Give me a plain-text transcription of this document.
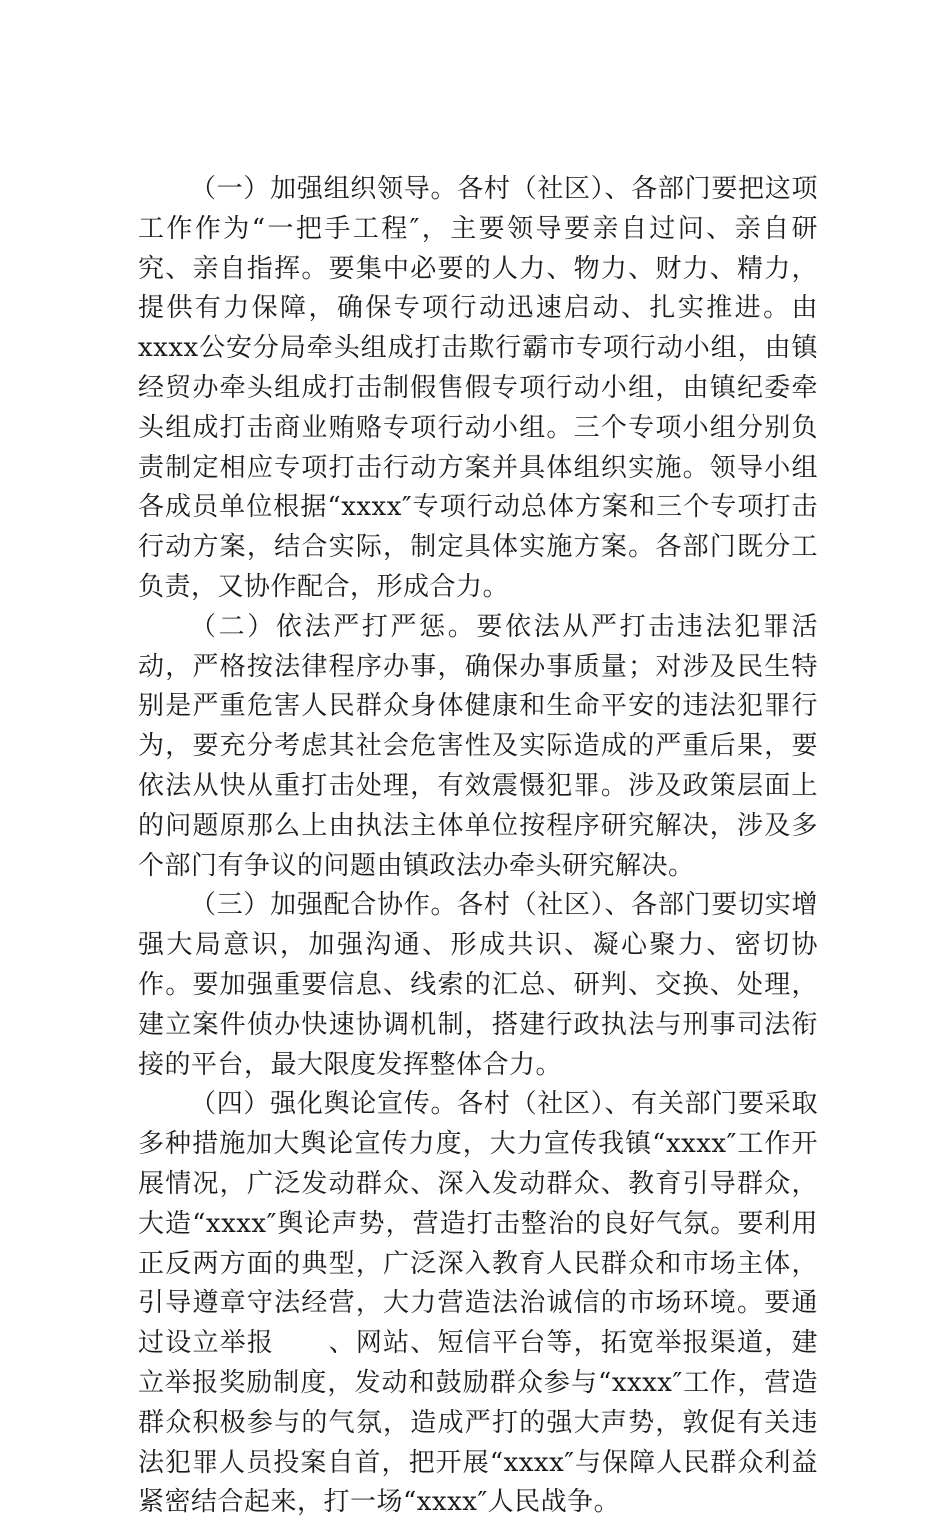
（一）加强组织领导。各村（社区）、各部门要把这项工作作为“一把手工程″，主要领导要亲自过问、亲自研究、亲自指挥。要集中必要的人力、物力、财力、精力，提供有力保障，确保专项行动迅速启动、扎实推进。由xxxx公安分局牵头组成打击欺行霸市专项行动小组，由镇经贸办牵头组成打击制假售假专项行动小组，由镇纪委牵头组成打击商业贿赂专项行动小组。三个专项小组分别负责制定相应专项打击行动方案并具体组织实施。领导小组各成员单位根据“xxxx″专项行动总体方案和三个专项打击行动方案，结合实际，制定具体实施方案。各部门既分工负责，又协作配合，形成合力。

（二）依法严打严惩。要依法从严打击违法犯罪活动，严格按法律程序办事，确保办事质量；对涉及民生特别是严重危害人民群众身体健康和生命平安的违法犯罪行为，要充分考虑其社会危害性及实际造成的严重后果，要依法从快从重打击处理，有效震慑犯罪。涉及政策层面上的问题原那么上由执法主体单位按程序研究解决，涉及多个部门有争议的问题由镇政法办牵头研究解决。

（三）加强配合协作。各村（社区）、各部门要切实增强大局意识，加强沟通、形成共识、凝心聚力、密切协作。要加强重要信息、线索的汇总、研判、交换、处理，建立案件侦办快速协调机制，搭建行政执法与刑事司法衔接的平台，最大限度发挥整体合力。

（四）强化舆论宣传。各村（社区）、有关部门要采取多种措施加大舆论宣传力度，大力宣传我镇“xxxx″工作开展情况，广泛发动群众、深入发动群众、教育引导群众，大造“xxxx″舆论声势，营造打击整治的良好气氛。要利用正反两方面的典型，广泛深入教育人民群众和市场主体，引导遵章守法经营，大力营造法治诚信的市场环境。要通过设立举报　　、网站、短信平台等，拓宽举报渠道，建立举报奖励制度，发动和鼓励群众参与“xxxx″工作，营造群众积极参与的气氛，造成严打的强大声势，敦促有关违法犯罪人员投案自首，把开展“xxxx″与保障人民群众利益紧密结合起来，打一场“xxxx″人民战争。
